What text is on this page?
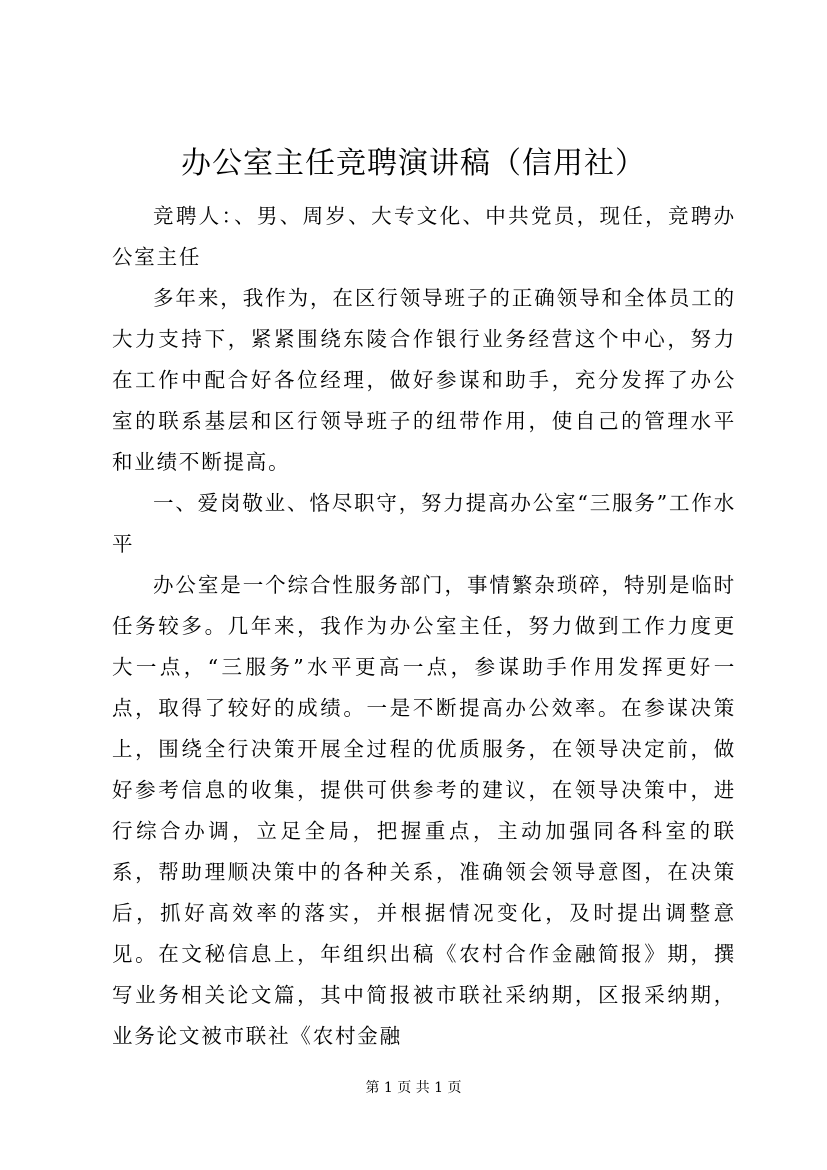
办公室主任竞聘演讲稿（信用社）

竞聘人：、男、周岁、大专文化、中共党员，现任，竞聘办公室主任

多年来，我作为，在区行领导班子的正确领导和全体员工的大力支持下，紧紧围绕东陵合作银行业务经营这个中心，努力在工作中配合好各位经理，做好参谋和助手，充分发挥了办公室的联系基层和区行领导班子的纽带作用，使自己的管理水平和业绩不断提高。

一、爱岗敬业、恪尽职守，努力提高办公室“三服务”工作水平

办公室是一个综合性服务部门，事情繁杂琐碎，特别是临时任务较多。几年来，我作为办公室主任，努力做到工作力度更大一点，“三服务”水平更高一点，参谋助手作用发挥更好一点，取得了较好的成绩。一是不断提高办公效率。在参谋决策上，围绕全行决策开展全过程的优质服务，在领导决定前，做好参考信息的收集，提供可供参考的建议，在领导决策中，进行综合办调，立足全局，把握重点，主动加强同各科室的联系，帮助理顺决策中的各种关系，准确领会领导意图，在决策后，抓好高效率的落实，并根据情况变化，及时提出调整意见。在文秘信息上，年组织出稿《农村合作金融简报》期，撰写业务相关论文篇，其中简报被市联社采纳期，区报采纳期，业务论文被市联社《农村金融

第 1 页 共 1 页
